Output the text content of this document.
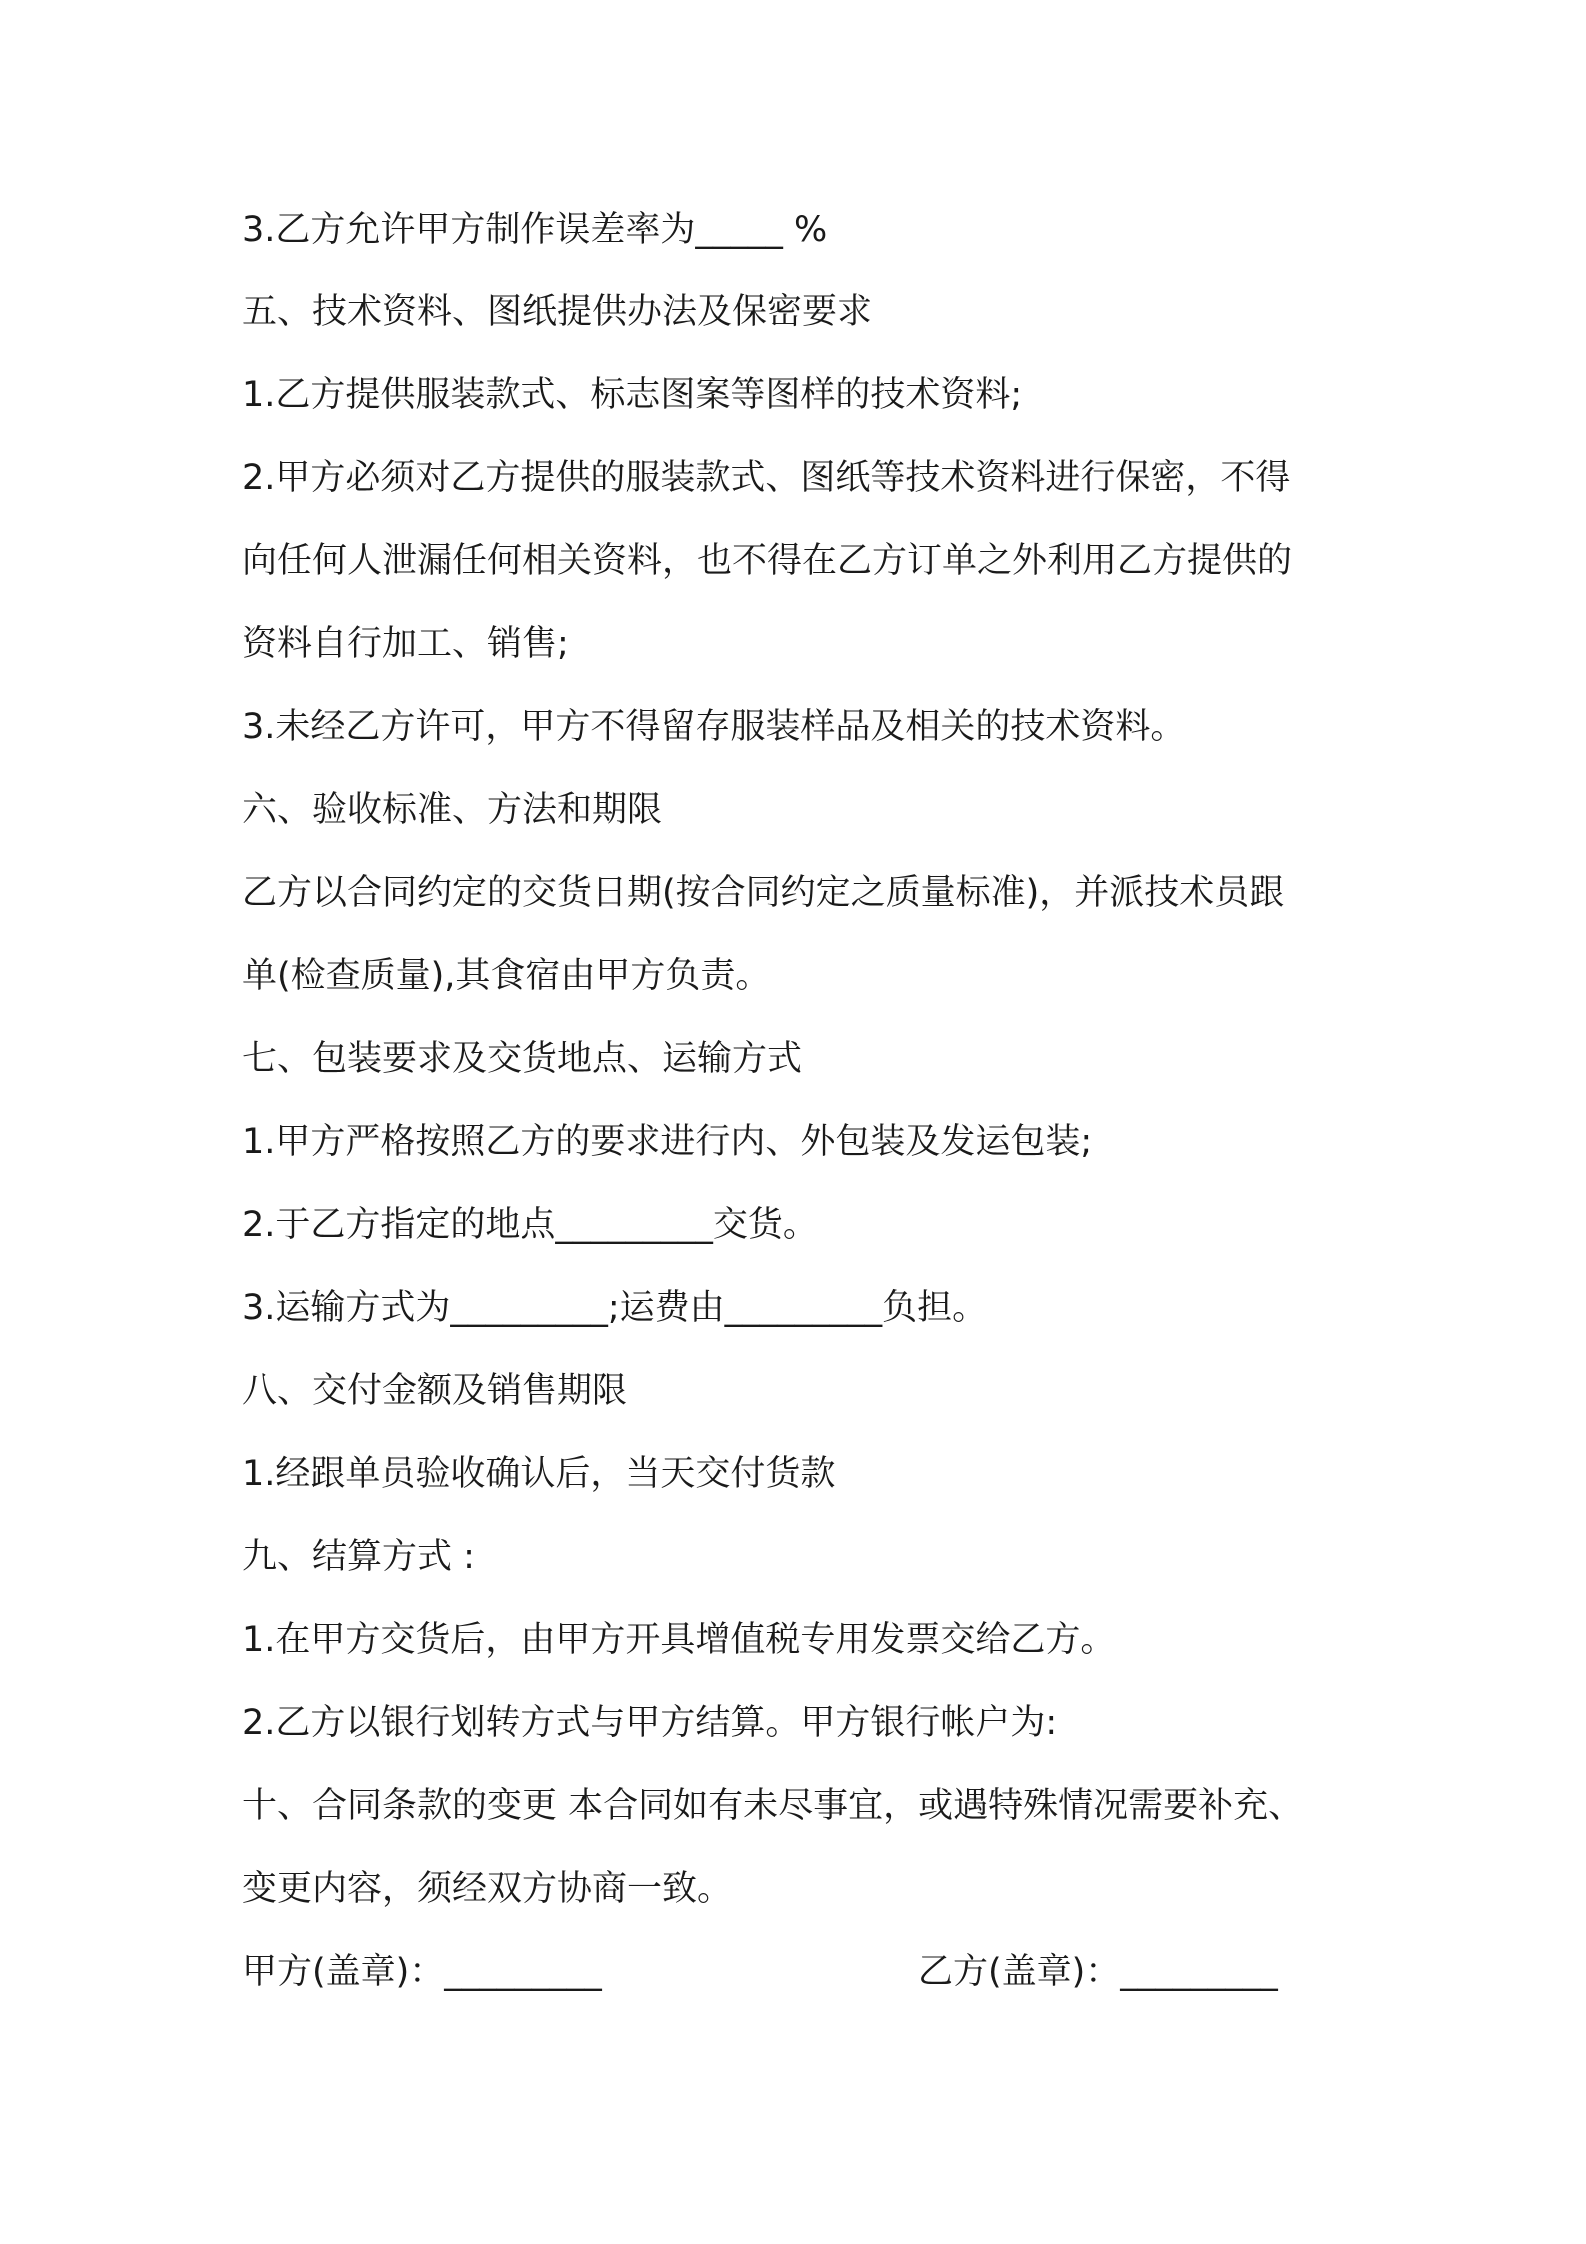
3.乙方允许甲方制作误差率为_____ %
五、技术资料、图纸提供办法及保密要求
1.乙方提供服装款式、标志图案等图样的技术资料;
2.甲方必须对乙方提供的服装款式、图纸等技术资料进行保密，不得
向任何人泄漏任何相关资料，也不得在乙方订单之外利用乙方提供的
资料自行加工、销售;
3.未经乙方许可，甲方不得留存服装样品及相关的技术资料。
六、验收标准、方法和期限
乙方以合同约定的交货日期(按合同约定之质量标准)，并派技术员跟
单(检查质量),其食宿由甲方负责。
七、包装要求及交货地点、运输方式
1.甲方严格按照乙方的要求进行内、外包装及发运包装;
2.于乙方指定的地点_________交货。
3.运输方式为_________;运费由_________负担。
八、交付金额及销售期限
1.经跟单员验收确认后，当天交付货款
九、结算方式 :
1.在甲方交货后，由甲方开具增值税专用发票交给乙方。
2.乙方以银行划转方式与甲方结算。甲方银行帐户为:
十、合同条款的变更 本合同如有未尽事宜，或遇特殊情况需要补充、
变更内容，须经双方协商一致。
甲方(盖章)：_________	乙方(盖章)：_________
